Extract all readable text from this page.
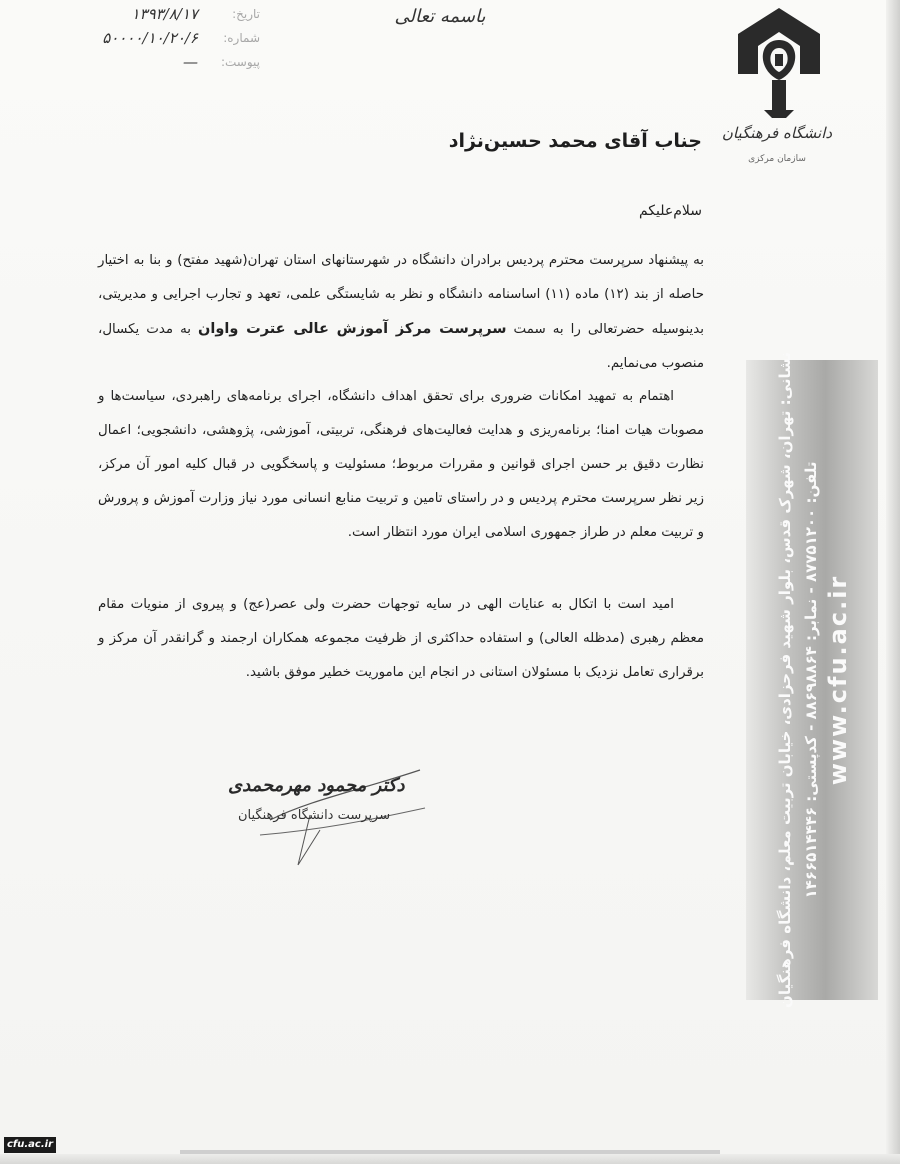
تاریخ:
۱۳۹۳/۸/۱۷
شماره:
۵۰۰۰۰/۱۰/۲۰/۶
پیوست:
—
باسمه تعالی
دانشگاه فرهنگیان
سازمان مرکزی
جناب آقای محمد حسین‌نژاد
سلام‌علیکم
به پیشنهاد سرپرست محترم پردیس برادران دانشگاه در شهرستانهای استان تهران(شهید مفتح) و بنا به اختیار حاصله از بند (۱۲) ماده (۱۱) اساسنامه دانشگاه و نظر به شایستگی علمی، تعهد و تجارب اجرایی و مدیریتی، بدینوسیله حضرتعالی را به سمت سرپرست مرکز آموزش عالی عترت واوان به مدت یکسال، منصوب می‌نمایم.
اهتمام به تمهید امکانات ضروری برای تحقق اهداف دانشگاه، اجرای برنامه‌های راهبردی، سیاست‌ها و مصوبات هیات امنا؛ برنامه‌ریزی و هدایت فعالیت‌های فرهنگی، تربیتی، آموزشی، پژوهشی، دانشجویی؛ اعمال نظارت دقیق بر حسن اجرای قوانین و مقررات مربوط؛ مسئولیت و پاسخگویی در قبال کلیه امور آن مرکز، زیر نظر سرپرست محترم پردیس و در راستای تامین و تربیت منابع انسانی مورد نیاز وزارت آموزش و پرورش و تربیت معلم در طراز جمهوری اسلامی ایران مورد انتظار است.
امید است با اتکال به عنایات الهی در سایه توجهات حضرت ولی عصر(عج) و پیروی از منویات مقام معظم رهبری (مدظله العالی) و استفاده حداکثری از ظرفیت مجموعه همکاران ارجمند و گرانقدر آن مرکز و برقراری تعامل نزدیک با مسئولان استانی در انجام این ماموریت خطیر موفق باشید.
دکتر محمود مهرمحمدی
سرپرست دانشگاه فرهنگیان	نشانی: تهران، شهرک قدس، بلوار شهید فرحزادی، خیابان تربیت معلم، دانشگاه فرهنگیان تلفن: ۸۷۷۵۱۲۰۰ - نمابر: ۸۸۶۹۸۸۶۴ - کدپستی: ۱۴۶۶۵۱۴۴۴۶
www.cfu.ac.ir
cfu.ac.ir
